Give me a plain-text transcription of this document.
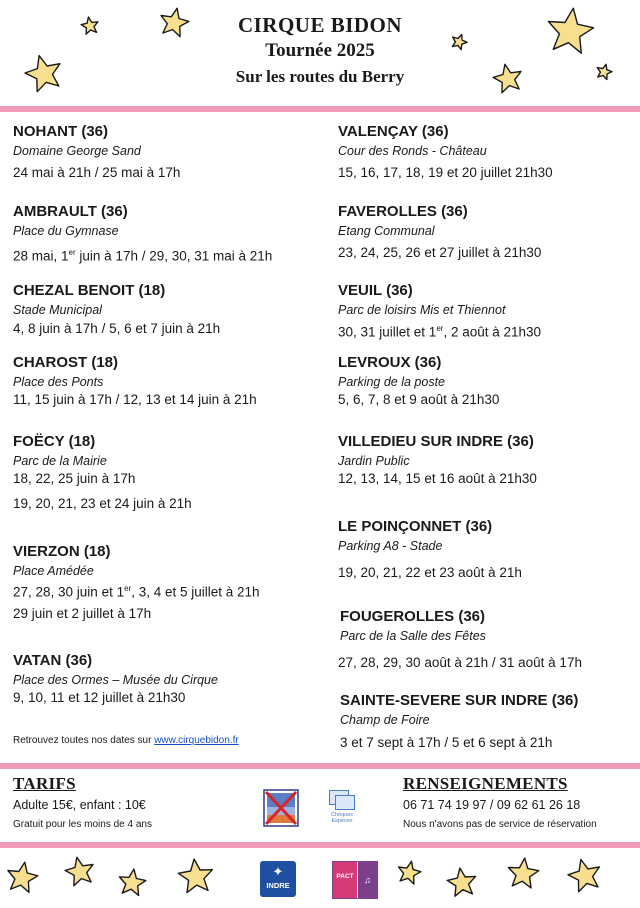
CIRQUE BIDON
Tournée 2025
Sur les routes du Berry
NOHANT (36)
Domaine George Sand
24 mai à 21h / 25 mai à 17h
AMBRAULT (36)
Place du Gymnase
28 mai, 1er juin à 17h / 29, 30, 31 mai à 21h
CHEZAL BENOIT (18)
Stade Municipal
4, 8 juin à 17h / 5, 6 et 7 juin à 21h
CHAROST (18)
Place des Ponts
11, 15 juin à 17h / 12, 13 et 14 juin à 21h
FOËCY (18)
Parc de la Mairie
18, 22, 25 juin à 17h
19, 20, 21, 23 et 24 juin à 21h
VIERZON (18)
Place Amédée
27, 28, 30 juin et 1er, 3, 4 et 5 juillet à 21h
29 juin et 2 juillet à 17h
VATAN (36)
Place des Ormes – Musée du Cirque
9, 10, 11 et 12 juillet à 21h30
VALENÇAY (36)
Cour des Ronds - Château
15, 16, 17, 18, 19 et 20 juillet 21h30
FAVEROLLES (36)
Etang Communal
23, 24, 25, 26 et 27 juillet à 21h30
VEUIL (36)
Parc de loisirs Mis et Thiennot
30, 31 juillet et 1er, 2 août à 21h30
LEVROUX (36)
Parking de la poste
5, 6, 7, 8 et 9 août à 21h30
VILLEDIEU SUR INDRE (36)
Jardin Public
12, 13, 14, 15 et 16 août à 21h30
LE POINÇONNET (36)
Parking A8 - Stade
19, 20, 21, 22 et 23 août à 21h
FOUGEROLLES (36)
Parc de la Salle des Fêtes
27, 28, 29, 30 août à 21h / 31 août à 17h
SAINTE-SEVERE SUR INDRE (36)
Champ de Foire
3 et 7 sept à 17h / 5 et 6 sept à 21h
Retrouvez toutes nos dates sur www.cirquebidon.fr
TARIFS
Adulte 15€, enfant : 10€
Gratuit pour les moins de 4 ans
RENSEIGNEMENTS
06 71 74 19 97 / 09 62 61 26 18
Nous n'avons pas de service de réservation
Chèques Espèces
✦
INDRE

PACT	♫
